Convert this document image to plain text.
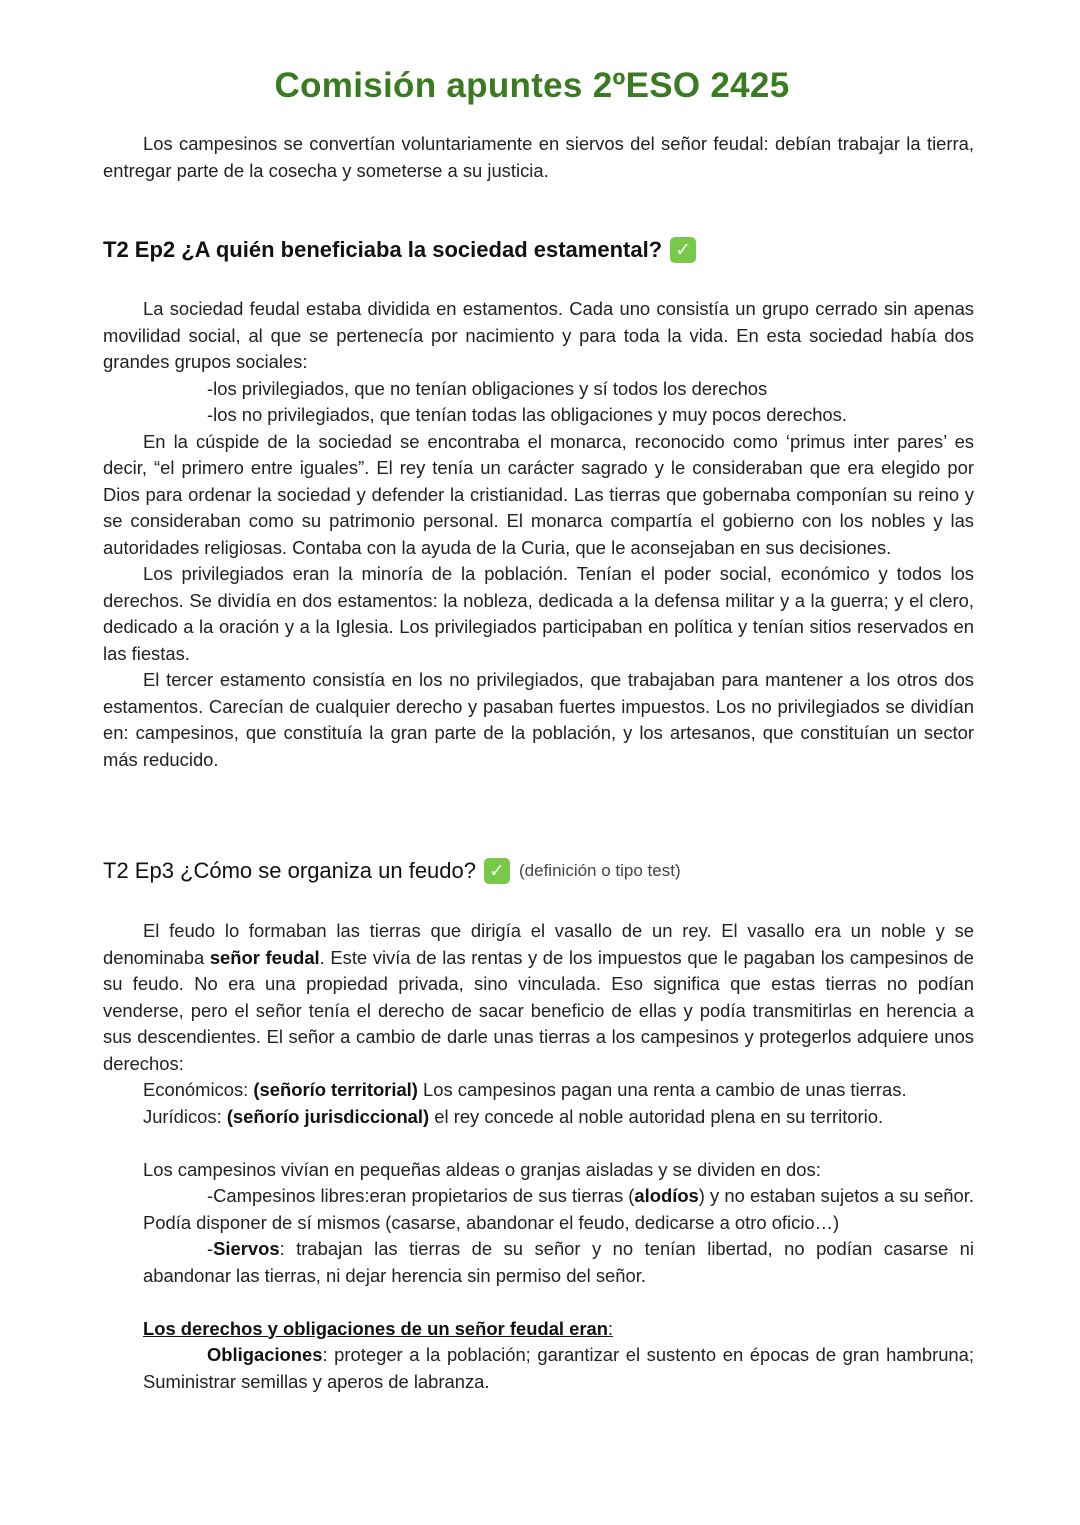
Comisión apuntes 2ºESO 2425

Los campesinos se convertían voluntariamente en siervos del señor feudal: debían trabajar la tierra, entregar parte de la cosecha y someterse a su justicia.

T2 Ep2 ¿A quién beneficiaba la sociedad estamental? ✓

La sociedad feudal estaba dividida en estamentos. Cada uno consistía un grupo cerrado sin apenas movilidad social, al que se pertenecía por nacimiento y para toda la vida. En esta sociedad había dos grandes grupos sociales:

-los privilegiados, que no tenían obligaciones y sí todos los derechos

-los no privilegiados, que tenían todas las obligaciones y muy pocos derechos.

En la cúspide de la sociedad se encontraba el monarca, reconocido como ‘primus inter pares’ es decir, “el primero entre iguales”. El rey tenía un carácter sagrado y le consideraban que era elegido por Dios para ordenar la sociedad y defender la cristianidad. Las tierras que gobernaba componían su reino y se consideraban como su patrimonio personal. El monarca compartía el gobierno con los nobles y las autoridades religiosas. Contaba con la ayuda de la Curia, que le aconsejaban en sus decisiones.

Los privilegiados eran la minoría de la población. Tenían el poder social, económico y todos los derechos. Se dividía en dos estamentos: la nobleza, dedicada a la defensa militar y a la guerra; y el clero, dedicado a la oración y a la Iglesia. Los privilegiados participaban en política y tenían sitios reservados en las fiestas.

El tercer estamento consistía en los no privilegiados, que trabajaban para mantener a los otros dos estamentos. Carecían de cualquier derecho y pasaban fuertes impuestos. Los no privilegiados se dividían en: campesinos, que constituía la gran parte de la población, y los artesanos, que constituían un sector más reducido.

T2 Ep3 ¿Cómo se organiza un feudo? ✓ (definición o tipo test)

El feudo lo formaban las tierras que dirigía el vasallo de un rey. El vasallo era un noble y se denominaba señor feudal. Este vivía de las rentas y de los impuestos que le pagaban los campesinos de su feudo. No era una propiedad privada, sino vinculada. Eso significa que estas tierras no podían venderse, pero el señor tenía el derecho de sacar beneficio de ellas y podía transmitirlas en herencia a sus descendientes. El señor a cambio de darle unas tierras a los campesinos y protegerlos adquiere unos derechos:

Económicos: (señorío territorial) Los campesinos pagan una renta a cambio de unas tierras.

Jurídicos: (señorío jurisdiccional) el rey concede al noble autoridad plena en su territorio.

Los campesinos vivían en pequeñas aldeas o granjas aisladas y se dividen en dos:

-Campesinos libres:eran propietarios de sus tierras (alodíos) y no estaban sujetos a su señor. Podía disponer de sí mismos (casarse, abandonar el feudo, dedicarse a otro oficio…)

-Siervos: trabajan las tierras de su señor y no tenían libertad, no podían casarse ni abandonar las tierras, ni dejar herencia sin permiso del señor.

Los derechos y obligaciones de un señor feudal eran:

Obligaciones: proteger a la población; garantizar el sustento en épocas de gran hambruna; Suministrar semillas y aperos de labranza.
